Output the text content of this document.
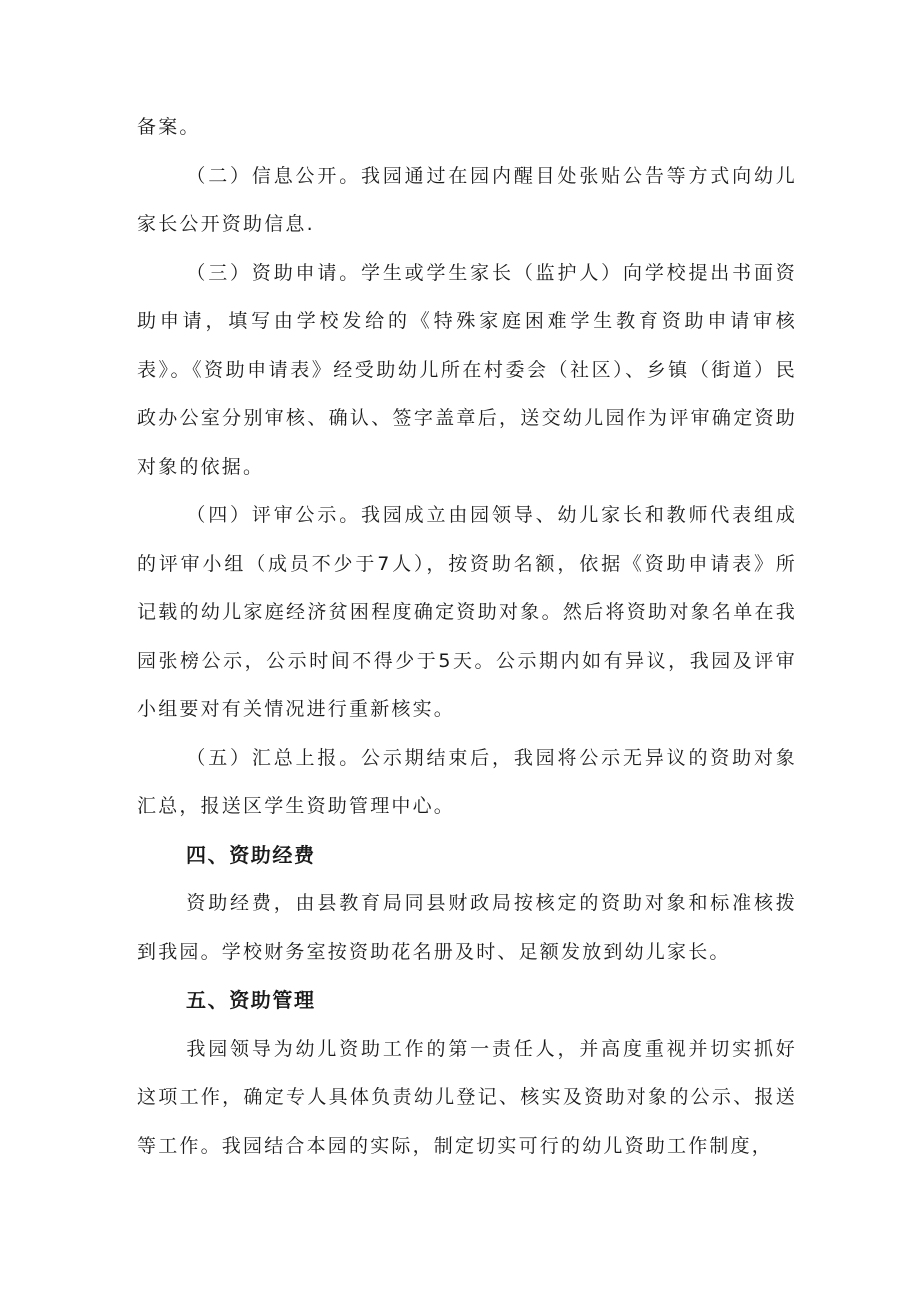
备案。

（二）信息公开。我园通过在园内醒目处张贴公告等方式向幼儿家长公开资助信息.

（三）资助申请。学生或学生家长（监护人）向学校提出书面资助申请，填写由学校发给的《特殊家庭困难学生教育资助申请审核表》。《资助申请表》经受助幼儿所在村委会（社区）、乡镇（街道）民政办公室分别审核、确认、签字盖章后，送交幼儿园作为评审确定资助对象的依据。

（四）评审公示。我园成立由园领导、幼儿家长和教师代表组成的评审小组（成员不少于7人），按资助名额，依据《资助申请表》所记载的幼儿家庭经济贫困程度确定资助对象。然后将资助对象名单在我园张榜公示，公示时间不得少于5天。公示期内如有异议，我园及评审小组要对有关情况进行重新核实。

（五）汇总上报。公示期结束后，我园将公示无异议的资助对象汇总，报送区学生资助管理中心。

四、资助经费

资助经费，由县教育局同县财政局按核定的资助对象和标准核拨到我园。学校财务室按资助花名册及时、足额发放到幼儿家长。

五、资助管理

我园领导为幼儿资助工作的第一责任人，并高度重视并切实抓好这项工作，确定专人具体负责幼儿登记、核实及资助对象的公示、报送等工作。我园结合本园的实际，制定切实可行的幼儿资助工作制度，
